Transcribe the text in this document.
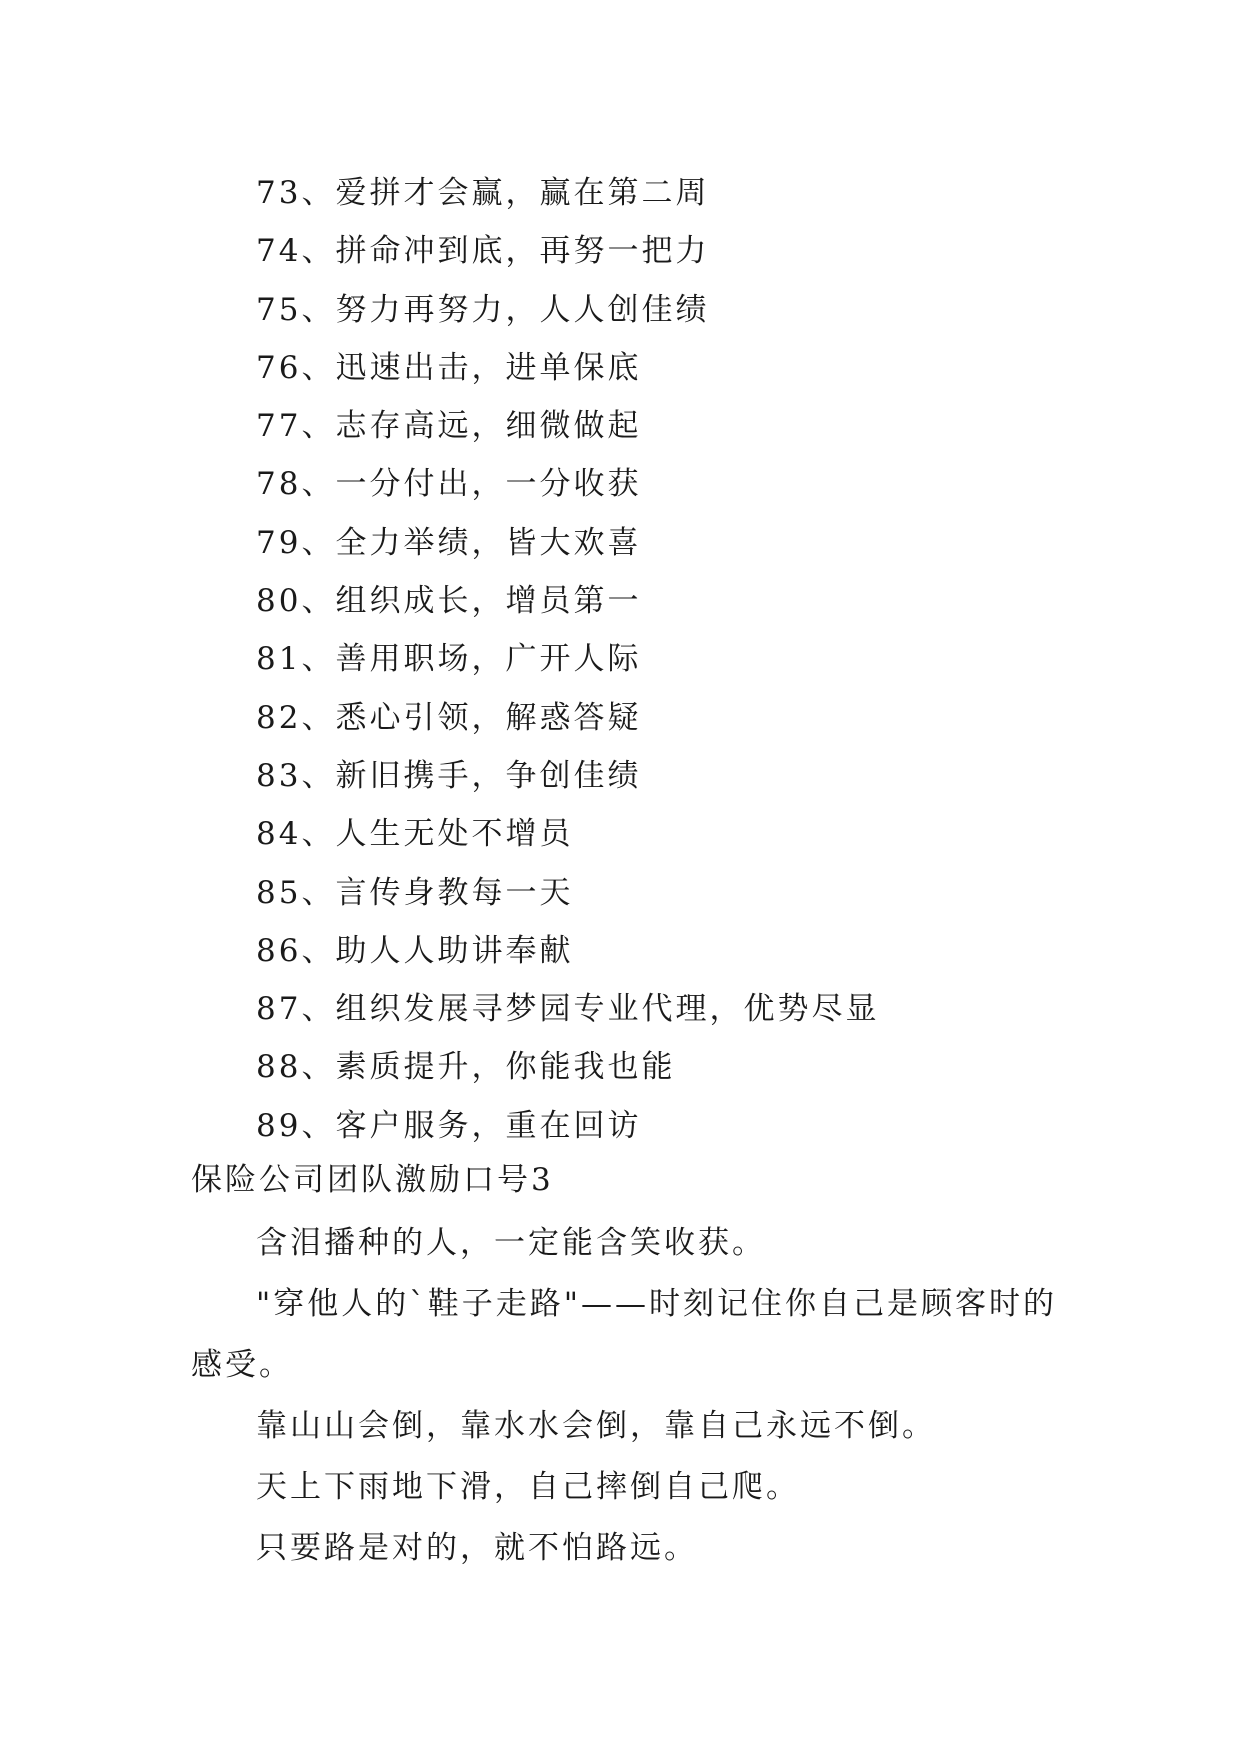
73、爱拼才会赢，赢在第二周
74、拼命冲到底，再努一把力
75、努力再努力，人人创佳绩
76、迅速出击，进单保底
77、志存高远，细微做起
78、一分付出，一分收获
79、全力举绩，皆大欢喜
80、组织成长，增员第一
81、善用职场，广开人际
82、悉心引领，解惑答疑
83、新旧携手，争创佳绩
84、人生无处不增员
85、言传身教每一天
86、助人人助讲奉献
87、组织发展寻梦园专业代理，优势尽显
88、素质提升，你能我也能
89、客户服务，重在回访
保险公司团队激励口号3

含泪播种的人，一定能含笑收获。

"穿他人的`鞋子走路"——时刻记住你自己是顾客时的感受。

靠山山会倒，靠水水会倒，靠自己永远不倒。

天上下雨地下滑，自己摔倒自己爬。

只要路是对的，就不怕路远。
